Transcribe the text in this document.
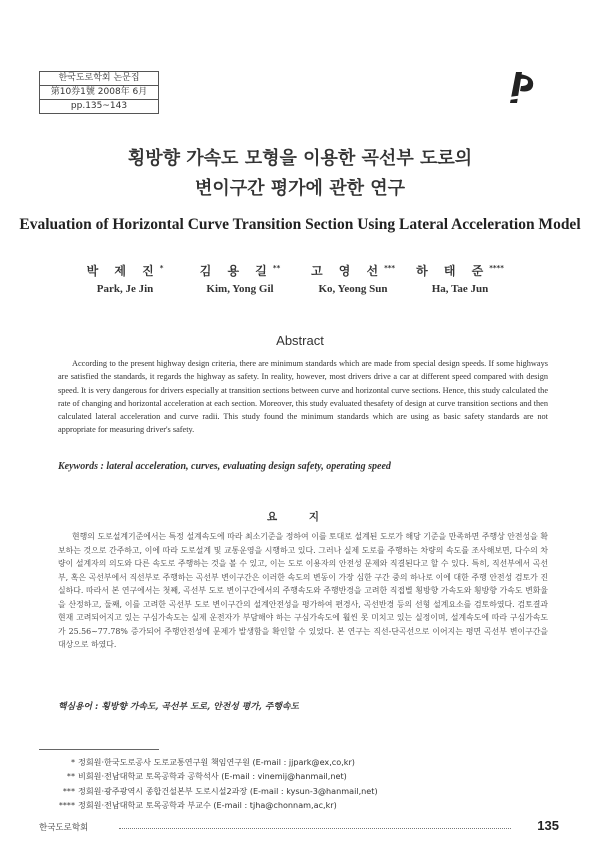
한국도로학회 논문집
第10券1號 2008年 6月
pp.135~143
횡방향 가속도 모형을 이용한 곡선부 도로의
변이구간 평가에 관한 연구
Evaluation of Horizontal Curve Transition Section Using Lateral Acceleration Model
박 제 진*
Park, Je Jin
김 용 길**
Kim, Yong Gil
고 영 선***
Ko, Yeong Sun
하 태 준****
Ha, Tae Jun
Abstract

According to the present highway design criteria, there are minimum standards which are made from special design speeds. If some highways are satisfied the standards, it regards the highway as safety. In reality, however, most drivers drive a car at different speed compared with design speed. It is very dangerous for drivers especially at transition sections between curve and horizontal curve sections. Hence, this study calculated the rate of changing and horizontal acceleration at each section. Moreover, this study evaluated thesafety of design at curve transition sections and then calculated lateral acceleration and curve radii. This study found the minimum standards which are using as basic safety standards are not appropriate for measuring driver's safety.

Keywords : lateral acceleration, curves, evaluating design safety, operating speed
요 지

현행의 도로설계기준에서는 특정 설계속도에 따라 최소기준을 정하여 이를 토대로 설계된 도로가 해당 기준을 만족하면 주행상 안전성을 확보하는 것으로 간주하고, 이에 따라 도로설계 및 교통운영을 시행하고 있다. 그러나 실제 도로를 주행하는 차량의 속도를 조사해보면, 다수의 차량이 설계자의 의도와 다른 속도로 주행하는 것을 볼 수 있고, 이는 도로 이용자의 안전성 문제와 직결된다고 할 수 있다. 특히, 직선부에서 곡선부, 혹은 곡선부에서 직선부로 주행하는 곡선부 변이구간은 이러한 속도의 변동이 가장 심한 구간 중의 하나로 이에 대한 주행 안전성 검토가 진실하다. 따라서 본 연구에서는 첫째, 곡선부 도로 변이구간에서의 주행속도와 주행반경을 고려한 직접별 횡방향 가속도와 횡방향 가속도 변화율을 산정하고, 둘째, 이를 고려한 곡선부 도로 변이구간의 설계안전성을 평가하여 편경사, 곡선반경 등의 선형 설계요소를 검토하였다. 검토결과 현재 고려되어지고 있는 구심가속도는 실제 운전자가 부담해야 하는 구심가속도에 훨씬 못 미치고 있는 실정이며, 설계속도에 따라 구심가속도가 25.56~77.78% 증가되어 주행안전성에 문제가 발생함을 확인할 수 있었다. 본 연구는 직선-단곡선으로 이어지는 평면 곡선부 변이구간을 대상으로 하였다.

핵심용어 : 횡방향 가속도, 곡선부 도로, 안전성 평가, 주행속도
* 정회원·한국도로공사 도로교통연구원 책임연구원 (E-mail : jjpark@ex,co,kr)
** 비회원·전남대학교 토목공학과 공학석사 (E-mail : vinemij@hanmail,net)
*** 정회원·광주광역시 종합건설본부 도로시설2과장 (E-mail : kysun-3@hanmail,net)
**** 정회원·전남대학교 토목공학과 부교수 (E-mail : tjha@chonnam,ac,kr)
한국도로학회	135
